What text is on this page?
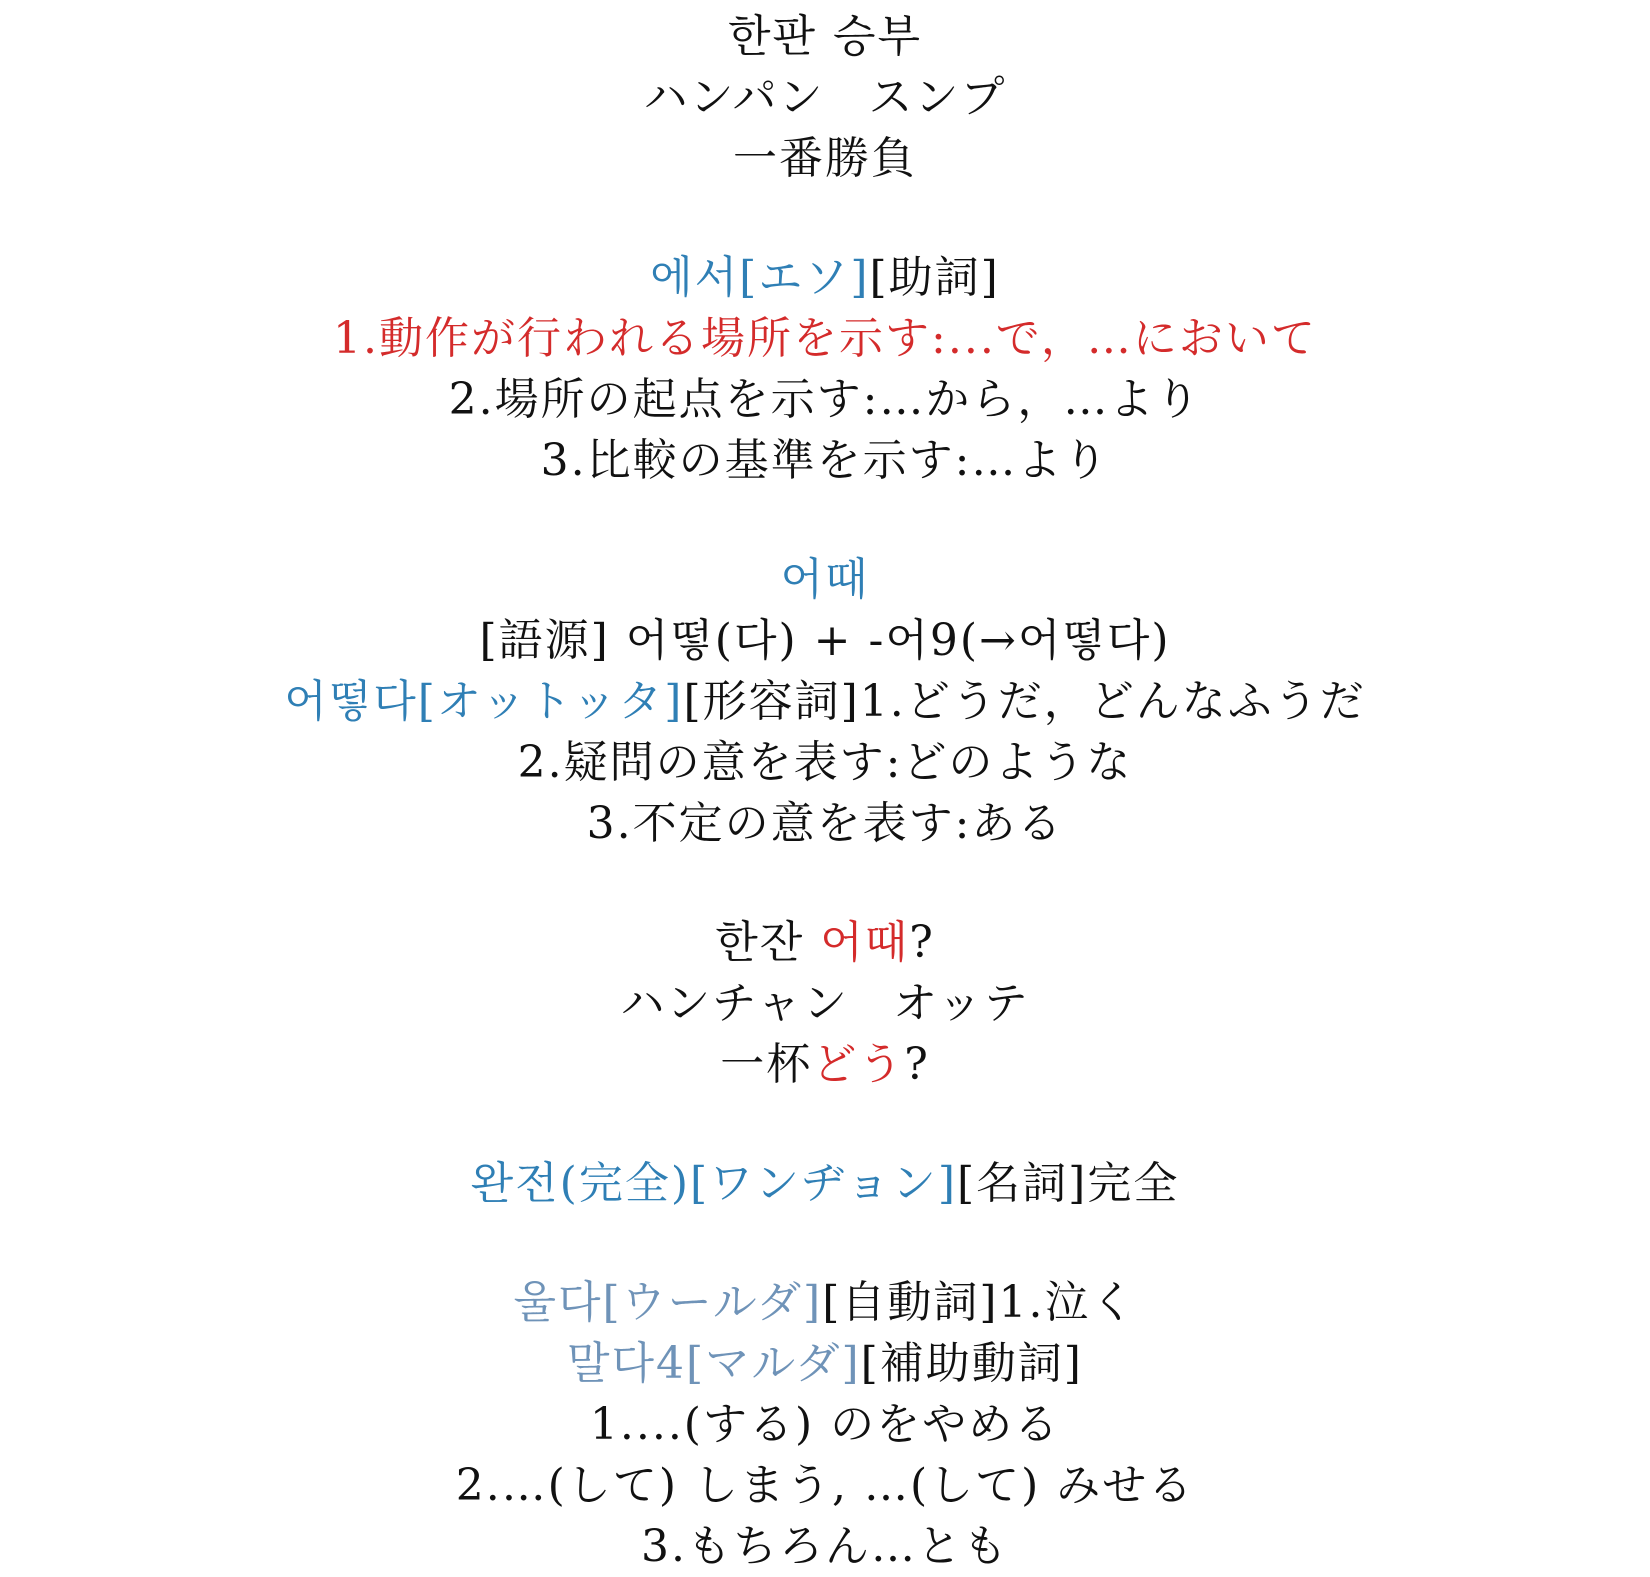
한판 승부
ハンパン スンプ
一番勝負
에서[エソ][助詞]
1.動作が行われる場所を示す:...で，…において
2.場所の起点を示す:…から，…より
3.比較の基準を示す:…より
어때
[語源] 어떻(다) + -어9(→어떻다)
어떻다[オットッタ][形容詞]1.どうだ，どんなふうだ
2.疑問の意を表す:どのような
3.不定の意を表す:ある
한잔 어때?
ハンチャン オッテ
一杯どう?
완전(完全)[ワンヂョン][名詞]完全
울다[ウールダ][自動詞]1.泣く
말다4[マルダ][補助動詞]
1....(する) のをやめる
2.…(して) しまう, …(して) みせる
3.もちろん…とも
